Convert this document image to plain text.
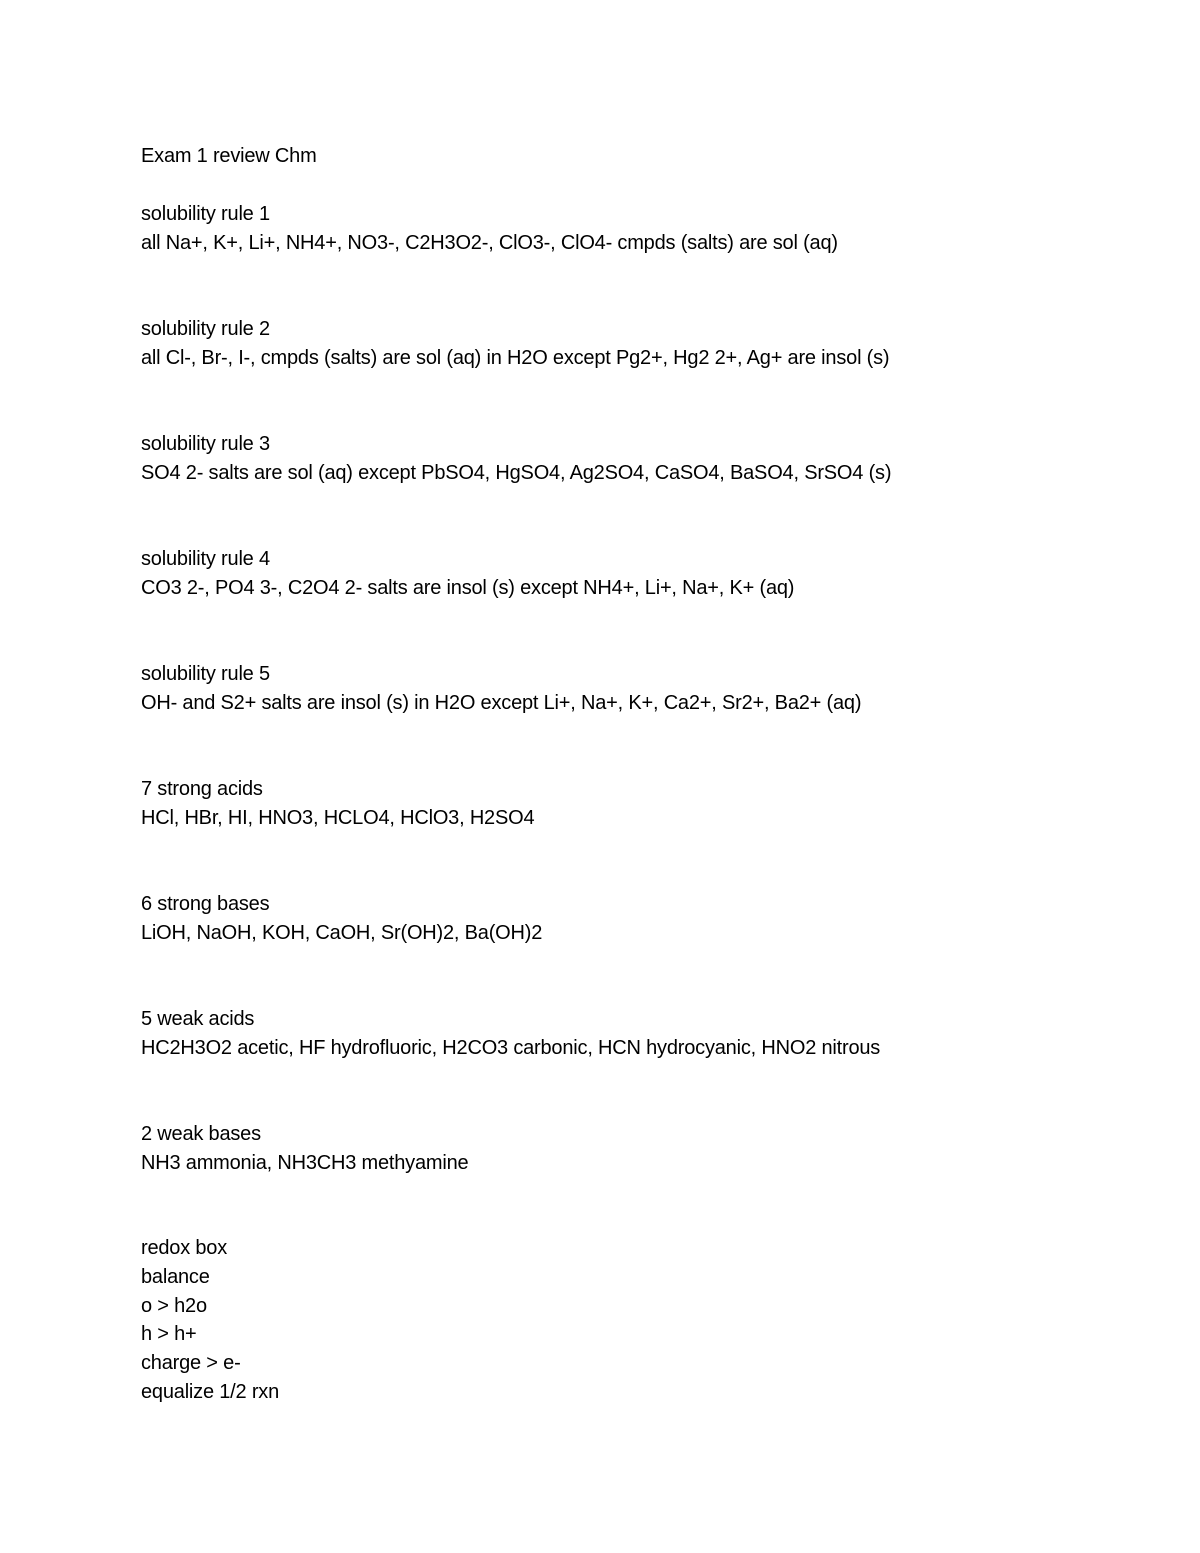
Exam 1 review Chm
solubility rule 1
all Na+, K+, Li+, NH4+, NO3-, C2H3O2-, ClO3-, ClO4- cmpds (salts) are sol (aq)
solubility rule 2
all Cl-, Br-, I-, cmpds (salts) are sol (aq) in H2O except Pg2+, Hg2 2+, Ag+ are insol (s)
solubility rule 3
SO4 2- salts are sol (aq) except PbSO4, HgSO4, Ag2SO4, CaSO4, BaSO4, SrSO4 (s)
solubility rule 4
CO3 2-, PO4 3-, C2O4 2- salts are insol (s) except NH4+, Li+, Na+, K+ (aq)
solubility rule 5
OH- and S2+ salts are insol (s) in H2O except Li+, Na+, K+, Ca2+, Sr2+, Ba2+ (aq)
7 strong acids
HCl, HBr, HI, HNO3, HCLO4, HClO3, H2SO4
6 strong bases
LiOH, NaOH, KOH, CaOH, Sr(OH)2, Ba(OH)2
5 weak acids
HC2H3O2 acetic, HF hydrofluoric, H2CO3 carbonic, HCN hydrocyanic, HNO2 nitrous
2 weak bases
NH3 ammonia, NH3CH3 methyamine
redox box
balance
o > h2o
h > h+
charge > e-
equalize 1/2 rxn
